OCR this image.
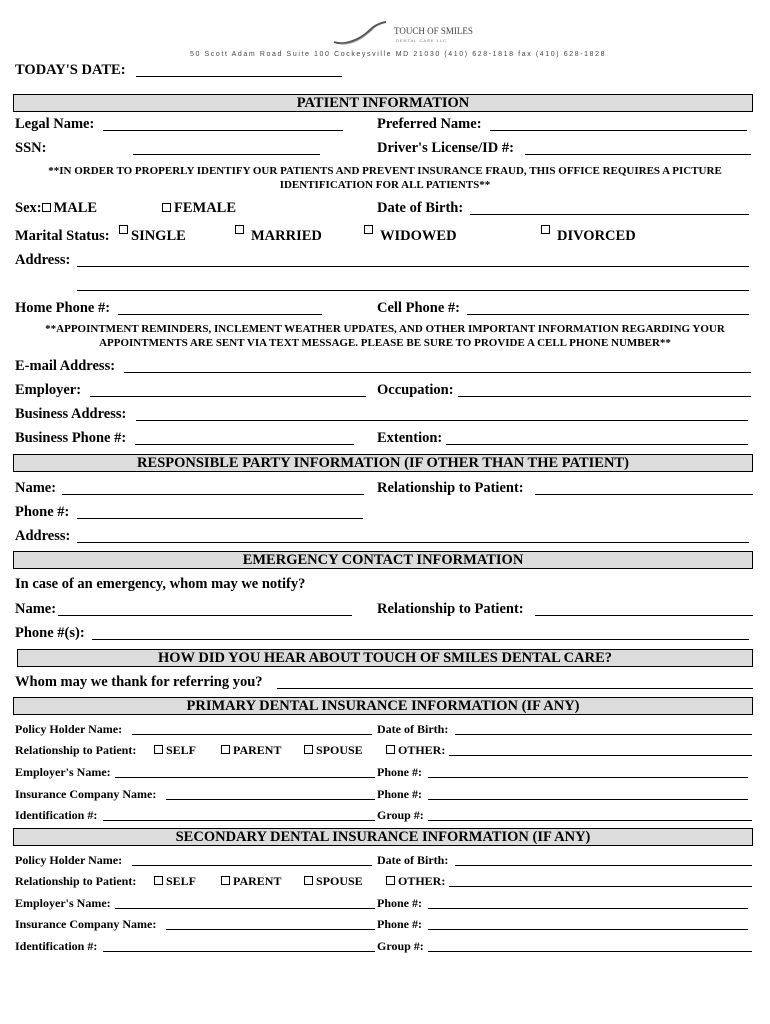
TOUCH OF SMILES
DENTAL CARE LLC
50 Scott Adam Road Suite 100 Cockeysville MD 21030 (410) 628-1818 fax (410) 628-1828
TODAY'S DATE:
PATIENT INFORMATION
Legal Name:	Preferred Name:
SSN:	Driver's License/ID #:
**IN ORDER TO PROPERLY IDENTIFY OUR PATIENTS AND PREVENT INSURANCE FRAUD, THIS OFFICE REQUIRES A PICTURE IDENTIFICATION FOR ALL PATIENTS**
Sex: MALE	FEMALE	Date of Birth:
Marital Status:	SINGLE	MARRIED	WIDOWED	DIVORCED
Address:
Home Phone #:	Cell Phone #:
**APPOINTMENT REMINDERS, INCLEMENT WEATHER UPDATES, AND OTHER IMPORTANT INFORMATION REGARDING YOUR APPOINTMENTS ARE SENT VIA TEXT MESSAGE. PLEASE BE SURE TO PROVIDE A CELL PHONE NUMBER**
E-mail Address:
Employer:	Occupation:
Business Address:
Business Phone #:	Extention:
RESPONSIBLE PARTY INFORMATION (IF OTHER THAN THE PATIENT)
Name:	Relationship to Patient:
Phone #:
Address:
EMERGENCY CONTACT INFORMATION
In case of an emergency, whom may we notify?
Name:	Relationship to Patient:
Phone #(s):
HOW DID YOU HEAR ABOUT TOUCH OF SMILES DENTAL CARE?
Whom may we thank for referring you?
PRIMARY DENTAL INSURANCE INFORMATION (IF ANY)
Policy Holder Name:	Date of Birth:
Relationship to Patient:	SELF	PARENT	SPOUSE	OTHER:
Employer's Name:	Phone #:
Insurance Company Name:	Phone #:
Identification #:	Group #:
SECONDARY DENTAL INSURANCE INFORMATION (IF ANY)
Policy Holder Name:	Date of Birth:
Relationship to Patient:	SELF	PARENT	SPOUSE	OTHER:
Employer's Name:	Phone #:
Insurance Company Name:	Phone #:
Identification #:	Group #:
